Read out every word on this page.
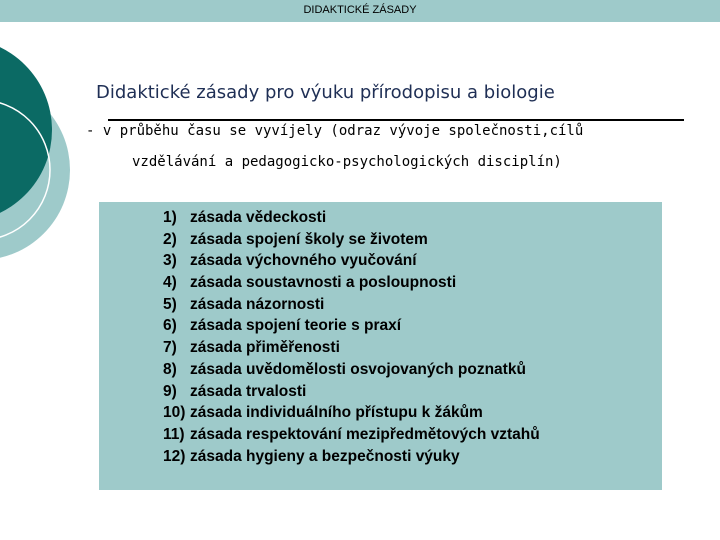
DIDAKTICKÉ ZÁSADY
Didaktické zásady pro výuku přírodopisu a biologie
- v průběhu času se vyvíjely (odraz vývoje společnosti,cílů
vzdělávání a pedagogicko-psychologických disciplín)
1) zásada vědeckosti
2) zásada spojení školy se životem
3) zásada výchovného vyučování
4) zásada soustavnosti a posloupnosti
5) zásada názornosti
6) zásada spojení teorie s praxí
7) zásada přiměřenosti
8) zásada uvědomělosti osvojovaných poznatků
9) zásada trvalosti
10) zásada individuálního přístupu k žákům
11) zásada respektování mezipředmětových vztahů
12) zásada hygieny a bezpečnosti výuky
